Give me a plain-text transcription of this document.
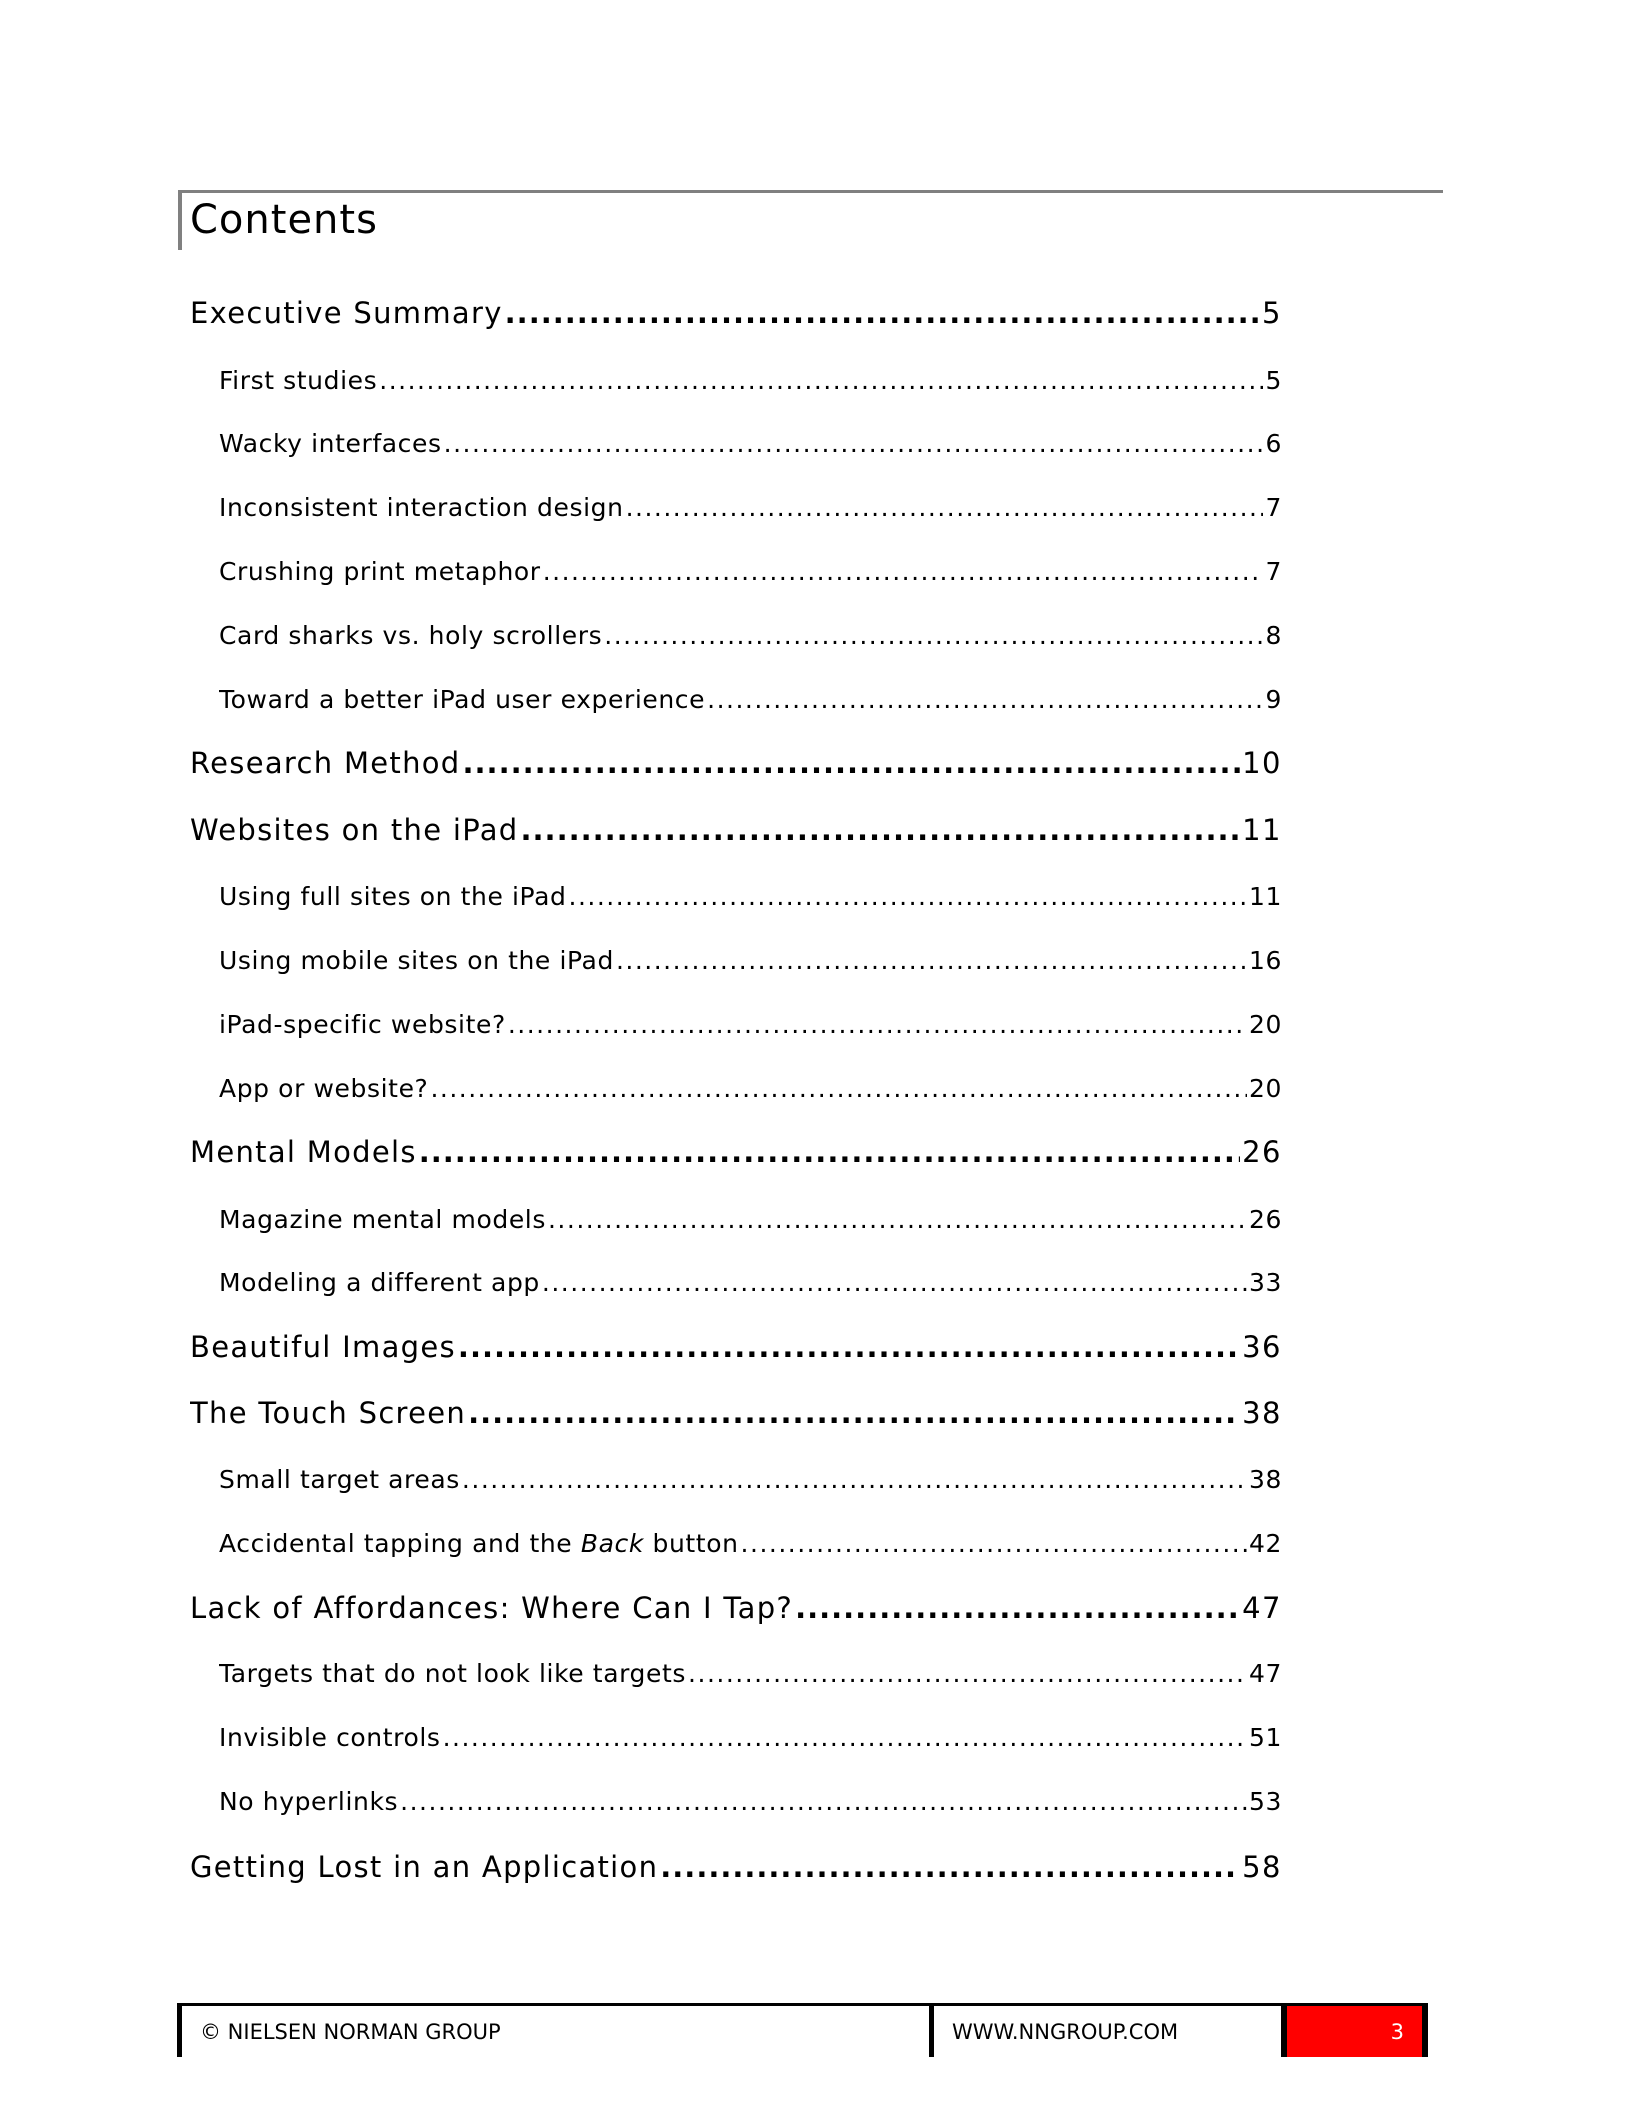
Contents
Executive Summary .....	5
First studies .....	5
Wacky interfaces .....	6
Inconsistent interaction design .....	7
Crushing print metaphor .....	7
Card sharks vs. holy scrollers .....	8
Toward a better iPad user experience .....	9
Research Method .....	10
Websites on the iPad .....	11
Using full sites on the iPad .....	11
Using mobile sites on the iPad .....	16
iPad-specific website? .....	20
App or website? .....	20
Mental Models .....	26
Magazine mental models .....	26
Modeling a different app .....	33
Beautiful Images .....	36
The Touch Screen .....	38
Small target areas .....	38
Accidental tapping and the Back button .....	42
Lack of Affordances: Where Can I Tap? .....	47
Targets that do not look like targets .....	47
Invisible controls .....	51
No hyperlinks .....	53
Getting Lost in an Application .....	58
© NIELSEN NORMAN GROUP	WWW.NNGROUP.COM	3
